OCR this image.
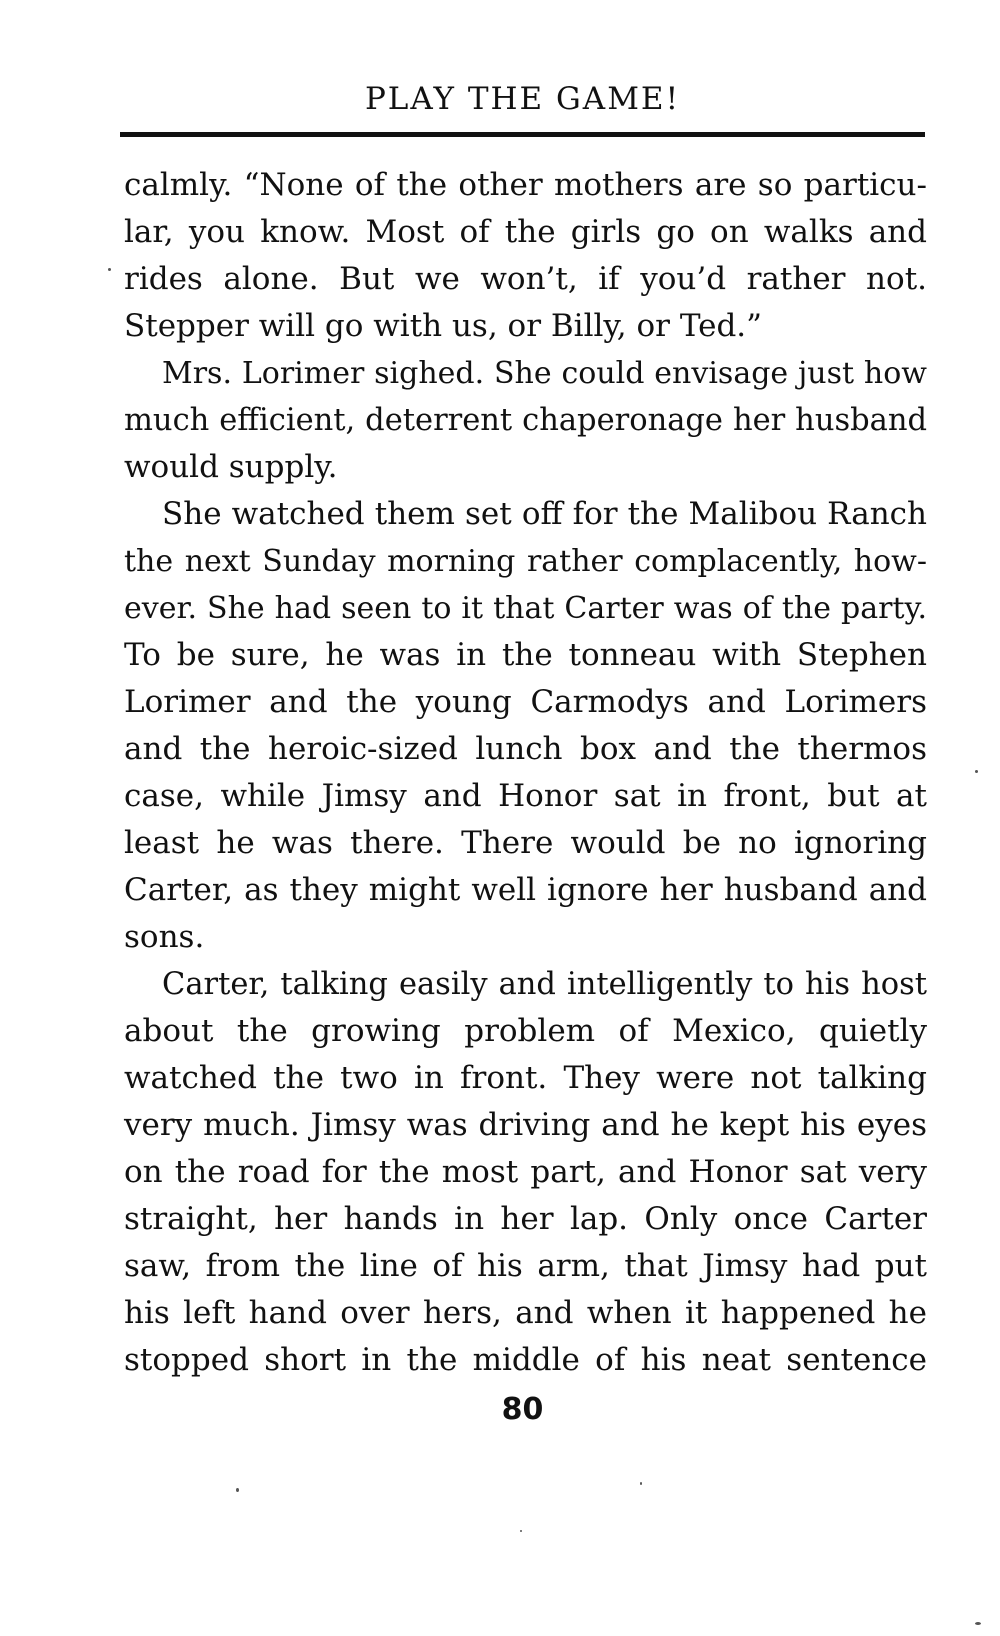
PLAY THE GAME!
calmly. “None of the other mothers are so particu-
lar, you know. Most of the girls go on walks and
rides alone. But we won’t, if you’d rather not.
Stepper will go with us, or Billy, or Ted.”
Mrs. Lorimer sighed. She could envisage just how
much efficient, deterrent chaperonage her husband
would supply.
She watched them set off for the Malibou Ranch
the next Sunday morning rather complacently, how-
ever. She had seen to it that Carter was of the party.
To be sure, he was in the tonneau with Stephen
Lorimer and the young Carmodys and Lorimers
and the heroic-sized lunch box and the thermos
case, while Jimsy and Honor sat in front, but at
least he was there. There would be no ignoring
Carter, as they might well ignore her husband and
sons.
Carter, talking easily and intelligently to his host
about the growing problem of Mexico, quietly
watched the two in front. They were not talking
very much. Jimsy was driving and he kept his eyes
on the road for the most part, and Honor sat very
straight, her hands in her lap. Only once Carter
saw, from the line of his arm, that Jimsy had put
his left hand over hers, and when it happened he
stopped short in the middle of his neat sentence
80
